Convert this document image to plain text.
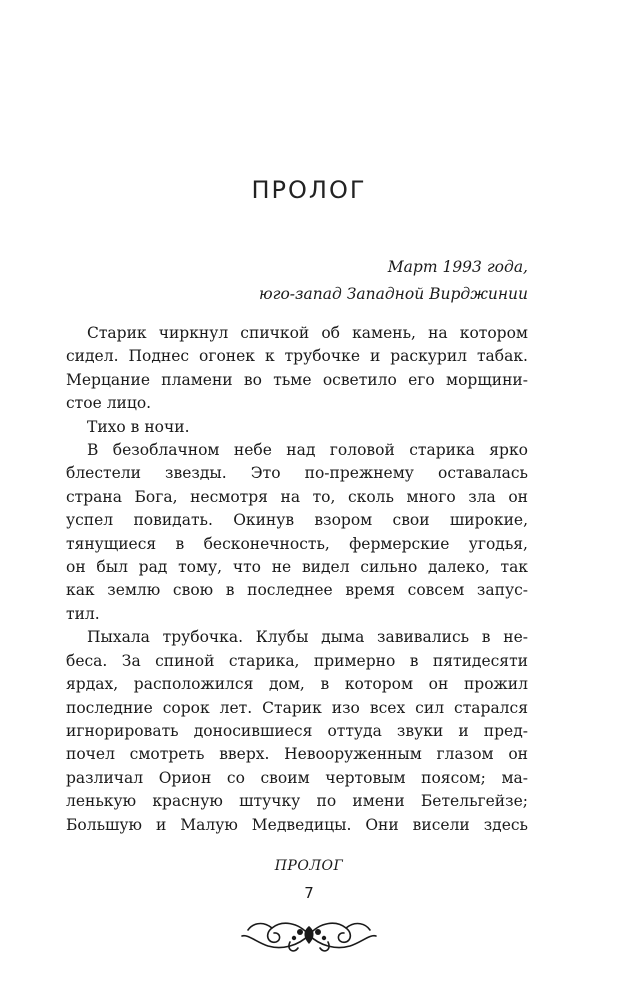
ПРОЛОГ
Март 1993 года,
юго-запад Западной Вирджинии

Старик чиркнул спичкой об камень, на котором
сидел. Поднес огонек к трубочке и раскурил табак.
Мерцание пламени во тьме осветило его морщини-
стое лицо.

Тихо в ночи.

В безоблачном небе над головой старика ярко
блестели звезды. Это по-прежнему оставалась
страна Бога, несмотря на то, сколь много зла он
успел повидать. Окинув взором свои широкие,
тянущиеся в бесконечность, фермерские угодья,
он был рад тому, что не видел сильно далеко, так
как землю свою в последнее время совсем запус-
тил.

Пыхала трубочка. Клубы дыма завивались в не-
беса. За спиной старика, примерно в пятидесяти
ярдах, расположился дом, в котором он прожил
последние сорок лет. Старик изо всех сил старался
игнорировать доносившиеся оттуда звуки и пред-
почел смотреть вверх. Невооруженным глазом он
различал Орион со своим чертовым поясом; ма-
ленькую красную штучку по имени Бетельгейзе;
Большую и Малую Медведицы. Они висели здесь

ПРОЛОГ
7
